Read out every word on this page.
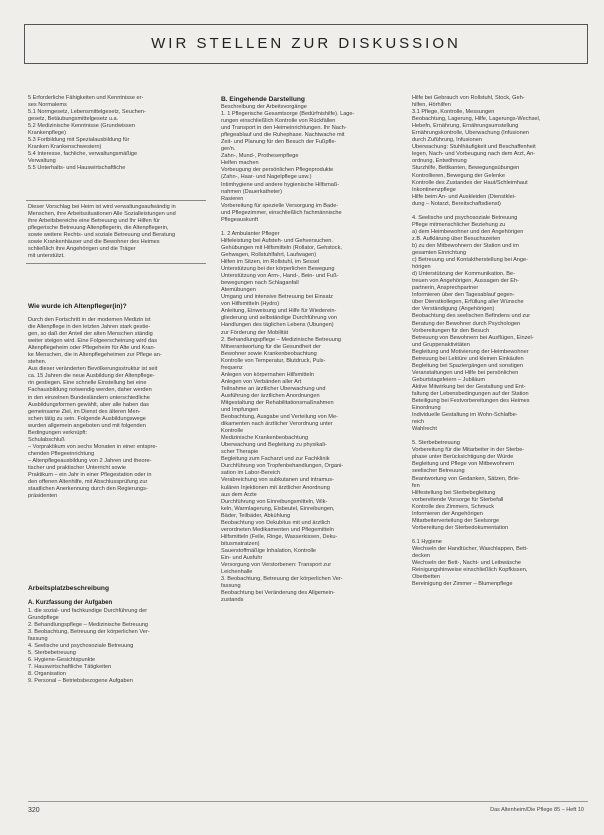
WIR STELLEN ZUR DISKUSSION
5 Erforderliche Fähigkeiten und Kenntnisse er-
ses Normalems
5.1 Normgesetz, Lebensmittelgesetz, Seuchen-
gesetz, Betäubungsmittelgesetz u.a.
5.2 Medizinische Kenntnisse (Grundwissen
Krankenpflege)
5.3 Fortbildung mit Spezialausbildung für
Kranken Krankenschwestern)
5.4 Interesse, fachliche, verwaltungsmäßige
Verwaltung
5.5 Unterhalts- und Hauswirtschaftliche
Dieser Vorschlag bei Heim ist wird verwaltungsaufwändig in
Menschen, ihre Arbeitssituationen Alle Sozialleistungen und
ihre Arbeitsbereiche eine Betreuung und Ihr Hilfen für
pflegerische Betreuung Altenpflegerin, die Altenpflegerin,
sowie weitere Rechts- und soziale Betreuung und Beratung
sowie Krankenhäuser und die Bewohner des Heimes
schließlich ihre Angehörigen und die Träger
mit unterstützt.
Wie wurde ich Altenpfleger(in)?
Durch den Fortschritt in der modernen Medizin ist
die Altenpflege in den letzten Jahren stark gestie-
gen, so daß der Anteil der alten Menschen ständig
weiter steigen wird. Eine Folgeerscheinung wird das
Altenpflegeheim oder Pflegeheim für Alte und Kran-
ke Menschen, die in Altenpflegeheimen zur Pflege an-
stehen.
Aus dieser veränderten Bevölkerungsstruktur ist seit
ca. 15 Jahren die neue Ausbildung der Altenpflege-
rin gestiegen. Eine schnelle Einstellung bei eine
Fachausbildung notwendig werden, daher werden
in den einzelnen Bundesländern unterschiedliche
Ausbildungsformen gewählt, aber alle haben das
gemeinsame Ziel, im Dienst des älteren Men-
schen tätig zu sein. Folgende Ausbildungswege
wurden allgemein angeboten und mit folgenden
Bedingungen verknüpft:
Schulabschluß
– Vorpraktikum von sechs Monaten in einer entspre-
chenden Pflegeeinrichtung
– Altenpflegeausbildung von 2 Jahren und theore-
tischer und praktischer Unterricht sowie
Praktikum – ein Jahr in einer Pflegestation oder in
den offenen Altenhilfe, mit Abschlussprüfung zur
staatlichen Anerkennung durch den Regierungs-
präsidenten
Arbeitsplatzbeschreibung
A. Kurzfassung der Aufgaben
1. die sozial- und fachkundige Durchführung der
Grundpflege
2. Behandlungspflege – Medizinische Betreuung
3. Beobachtung, Betreuung der körperlichen Ver-
fassung
4. Seelische und psychosoziale Betreuung
5. Sterbebetreuung
6. Hygiene-Gesichtspunkte
7. Hauswirtschaftliche Tätigkeiten
8. Organisation
9. Personal – Betriebsbezogene Aufgaben
B. Eingehende Darstellung
Beschreibung der Arbeitsvorgänge
1. 1 Pflegerische Gesamtsorge (Bedürfnishilfe). Lage-
rungen einschließlich Kontrolle von Rückfällen
und Transport in den Heimeinrichtungen. Ihr Nach-
pflegeablauf und die Ruhephase. Nachtwache mit
Zeit- und Planung für den Besuch der Fußpfle-
ger/n.
Zahn-, Mund-, Prothesenpflege
Helfen machen
Vorbeugung der persönlichen Pflegeprodukte
(Zahn-, Haar- und Nagelpflege usw.)
Intimhygiene und andere hygienische Hilfsmaß-
nahmen (Dauerkatheter)
Rasieren
Vorbereitung für spezielle Versorgung im Bade-
und Pflegezimmer, einschließlich fachmännische
Pflegeauskunft

1. 2 Ambulanter Pfleger
Hilfeleistung bei Aufsteh- und Gehversuchen.
Gehübungen mit Hilfsmitteln (Rollator, Gehstock,
Gehwagen, Rollstuhlfahrt, Laufwagen)
Hilfen im Sitzen, im Rollstuhl, im Sessel
Unterstützung bei der körperlichen Bewegung
Unterstützung von Arm-, Hand-, Bein- und Fuß-
bewegungen nach Schlaganfall
Atemübungen
Umgang und intensive Betreuung bei Einsatz
von Hilfsmitteln (Hydro)
Anleitung, Einweisung und Hilfe für Wiederein-
gliederung und selbständige Durchführung von
Handlungen des täglichen Lebens (Übungen)
zur Förderung der Mobilität
2. Behandlungspflege – Medizinische Betreuung
Mitverantwortung für die Gesundheit der
Bewohner sowie Krankenbeobachtung
Kontrolle von Temperatur, Blutdruck, Puls-
frequenz
Anlegen von körpernahen Hilfsmitteln
Anlegen von Verbänden aller Art
Teilnahme an ärztlicher Überwachung und
Ausführung der ärztlichen Anordnungen
Mitgestaltung der Rehabilitationsmaßnahmen
und Impfungen
Beobachtung, Ausgabe und Verteilung von Me-
dikamenten nach ärztlicher Verordnung unter
Kontrolle
Medizinische Krankenbeobachtung
Überwachung und Begleitung zu physikali-
scher Therapie
Begleitung zum Facharzt und zur Fachklinik
Durchführung von Tropfenbehandlungen, Organi-
sation im Labor-Bereich
Verabreichung von subkutanen und intramus-
kulären Injektionen mit ärztlicher Anordnung
aus dem Arzte
Durchführung von Einreibungsmitteln, Wik-
keln, Warmlagerung, Eisbeutel, Einreibungen,
Bäder, Teilbäder, Abkühlung
Beobachtung von Dekubitus mit und ärztlich
verordneten Medikamenten und Pflegemitteln
Hilfsmitteln (Felle, Ringe, Wasserkissen, Deku-
bitusmatratzen)
Sauerstoffmäßige Inhalation, Kontrolle
Ein- und Ausfuhr
Versorgung von Verstorbenen: Transport zur
Leichenhalle
3. Beobachtung, Betreuung der körperlichen Ver-
fassung
Beobachtung bei Veränderung des Allgemein-
zustands
Hilfe bei Gebrauch von Rollstuhl, Stock, Geh-
hilfen, Hörhilfen
3.1 Pflege, Kontrolle, Messungen
Beobachtung, Lagerung, Hilfe, Lagerungs-Wechsel,
Hebefn, Ernährung, Ernährungsumstellung
Ernährungskontrolle, Überwachung (Infusionen
durch Zuführung, Infusionen
Überwachung: Stuhlhäufigkeit und Beschaffenheit
legen, Nach- und Vorbeugung nach dem Arzt, An-
ordnung, Entwöhnung
Sturzhilfe, Bettkanten, Bewegungsübungen
Kontrollieren, Bewegung der Gelenke
Kontrolle des Zustandes der Haut/Schleimhaut
Inkontinenzpflege
Hilfe beim An- und Auskleiden (Dienstklei-
dung – Notarzt, Bereitschaftsdienst)

4. Seelische und psychosoziale Betreuung
Pflege mitmenschlicher Beziehung zu
a) dem Heimbewohner und den Angehörigen
z.B. Aufklärung über Besuchszeiten
b) zu den Mitbewohnern der Station und im
gesamten Einrichtung
c) Betreuung und Kontaktherstellung bei Ange-
hörigen
d) Unterstützung der Kommunikation, Be-
treuen von Angehörigen, Aussagen der Eh-
partnerin, Ansprechpartner
Informieren über den Tagesablauf gegen-
über Dienstkollegen, Erfüllung aller Wünsche
der Verständigung (Angehörigen)
Beobachtung des seelischen Befindens und zur
Beratung der Bewohner durch Psychologen
Vorbereitungen für den Besuch
Betreuung von Bewohnern bei Ausflügen, Einzel-
und Gruppenaktivitäten
Begleitung und Motivierung der Heimbewohner
Betreuung bei Lektüre und kleinen Einkäufen
Begleitung bei Spaziergängen und sonstigen
Veranstaltungen und Hilfe bei persönlichen
Geburtstagsfeiern – Jubiläum
Aktive Mitwirkung bei der Gestaltung und Ent-
faltung der Lebensbedingungen auf der Station
Beteiligung bei Festvorbereitungen des Heimes
Einordnung
Individuelle Gestaltung im Wohn-Schlafbe-
reich
Wahlrecht

5. Sterbebetreuung
Vorbereitung für die Mitarbeiter in der Sterbe-
phase unter Berücksichtigung der Würde
Begleitung und Pflege von Mitbewohnern
seelischer Betreuung
Beantwortung von Gedanken, Sätzen, Brie-
fen
Hilfestellung bei Sterbebegleitung
vorbereitende Vorsorge für Sterbefall
Kontrolle des Zimmers, Schmuck
Informieren der Angehörigen
Mitarbeiterverteilung der Seelsorge
Vorbereitung der Sterbedokumentation

6.1 Hygiene
Wechseln der Handtücher, Waschlappen, Bett-
decken
Wechseln der Bett-, Nacht- und Leibwäsche
Reinigungshinweise einschließlich Kopfkissen,
Oberbetten
Bereinigung der Zimmer – Blumenpflege
320	Das Altenheim/Die Pflege 85 – Heft 10
